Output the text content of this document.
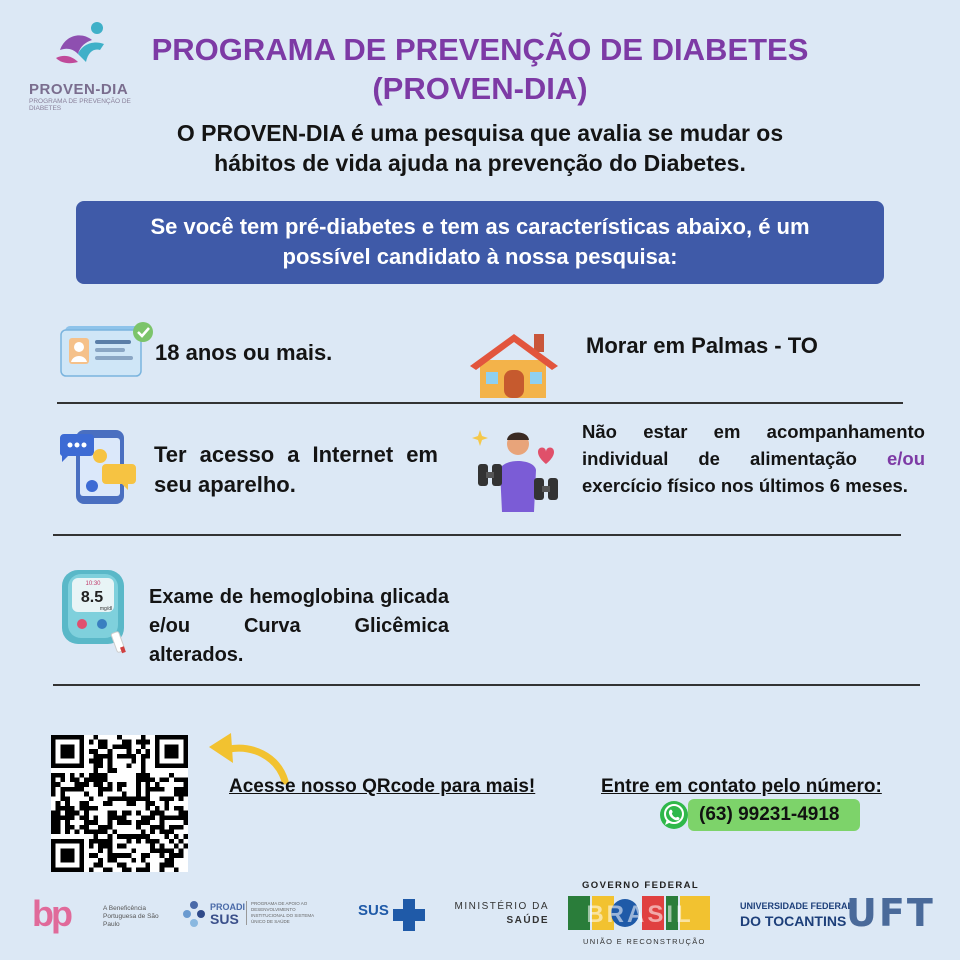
PROVEN-DIA
PROGRAMA DE PREVENÇÃO DE DIABETES
PROGRAMA DE PREVENÇÃO DE DIABETES
(PROVEN-DIA)
O PROVEN-DIA é uma pesquisa que avalia se mudar os
hábitos de vida ajuda na prevenção do Diabetes.
Se você tem pré-diabetes e tem as características abaixo, é um
possível candidato à nossa pesquisa:
18 anos ou mais.	Morar em Palmas - TO
Ter acesso a Internet em seu aparelho.
Não estar em acompanhamento individual de alimentação e/ou exercício físico nos últimos 6 meses.
10:30
8.5
mg/dl
Exame de hemoglobina glicada e/ou Curva Glicêmica alterados.
Acesse nosso QRcode para mais!	Entre em contato pelo número:
(63) 99231-4918
bp	A Beneficência Portuguesa de São Paulo
PROADI
SUS
PROGRAMA DE APOIO AO DESENVOLVIMENTO INSTITUCIONAL DO SISTEMA ÚNICO DE SAÚDE
SUS	MINISTÉRIO DA
SAÚDE
GOVERNO FEDERAL
BRASIL
UNIÃO E RECONSTRUÇÃO
UNIVERSIDADE FEDERAL
DO TOCANTINS UFT
